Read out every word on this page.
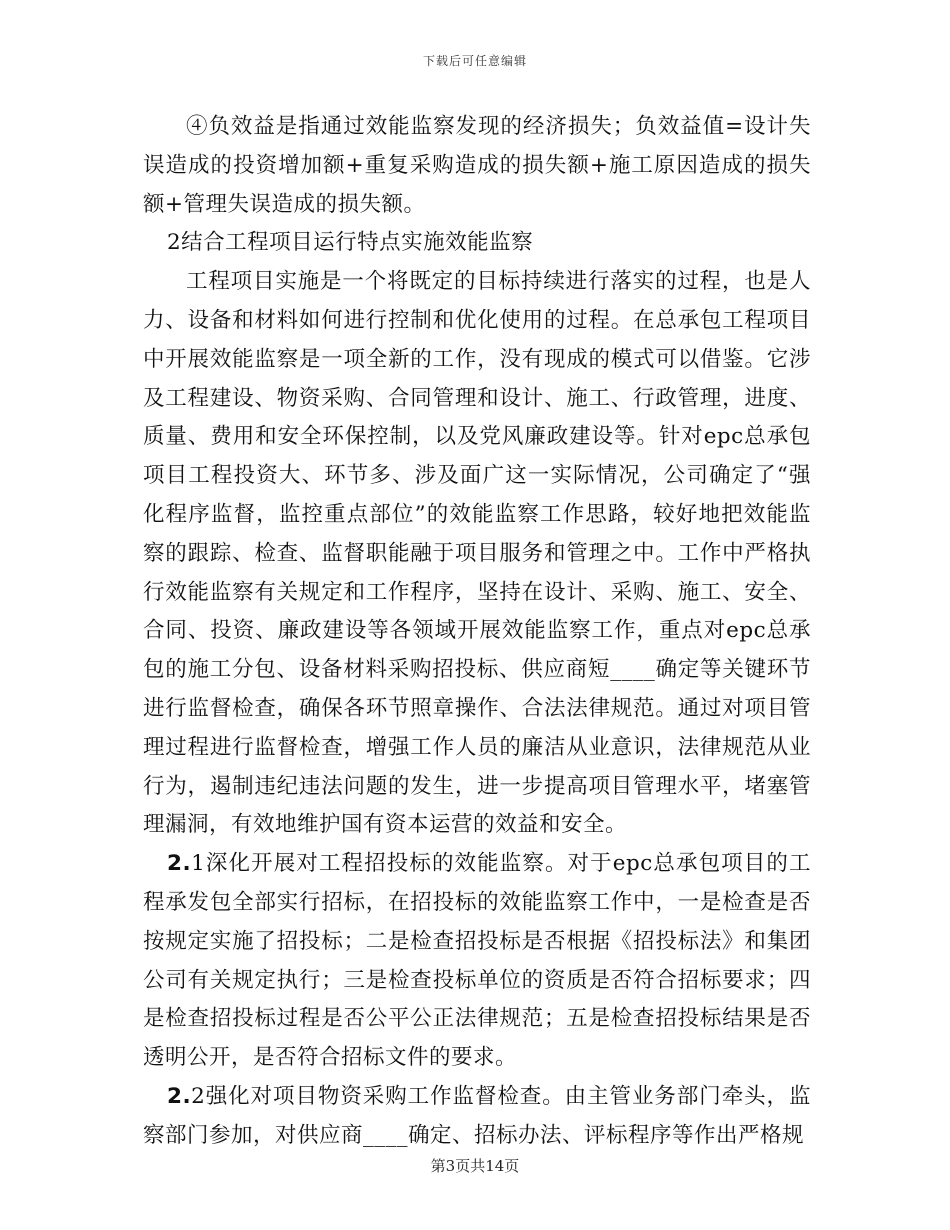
下载后可任意编辑

④负效益是指通过效能监察发现的经济损失；负效益值=设计失误造成的投资增加额+重复采购造成的损失额+施工原因造成的损失额+管理失误造成的损失额。

2结合工程项目运行特点实施效能监察

工程项目实施是一个将既定的目标持续进行落实的过程，也是人力、设备和材料如何进行控制和优化使用的过程。在总承包工程项目中开展效能监察是一项全新的工作，没有现成的模式可以借鉴。它涉及工程建设、物资采购、合同管理和设计、施工、行政管理，进度、质量、费用和安全环保控制，以及党风廉政建设等。针对epc总承包项目工程投资大、环节多、涉及面广这一实际情况，公司确定了“强化程序监督，监控重点部位”的效能监察工作思路，较好地把效能监察的跟踪、检查、监督职能融于项目服务和管理之中。工作中严格执行效能监察有关规定和工作程序，坚持在设计、采购、施工、安全、合同、投资、廉政建设等各领域开展效能监察工作，重点对epc总承包的施工分包、设备材料采购招投标、供应商短____确定等关键环节进行监督检查，确保各环节照章操作、合法法律规范。通过对项目管理过程进行监督检查，增强工作人员的廉洁从业意识，法律规范从业行为，遏制违纪违法问题的发生，进一步提高项目管理水平，堵塞管理漏洞，有效地维护国有资本运营的效益和安全。

2.1深化开展对工程招投标的效能监察。对于epc总承包项目的工程承发包全部实行招标，在招投标的效能监察工作中，一是检查是否按规定实施了招投标；二是检查招投标是否根据《招投标法》和集团公司有关规定执行；三是检查投标单位的资质是否符合招标要求；四是检查招投标过程是否公平公正法律规范；五是检查招投标结果是否透明公开，是否符合招标文件的要求。

2.2强化对项目物资采购工作监督检查。由主管业务部门牵头，监察部门参加，对供应商____确定、招标办法、评标程序等作出严格规

第3页共14页
